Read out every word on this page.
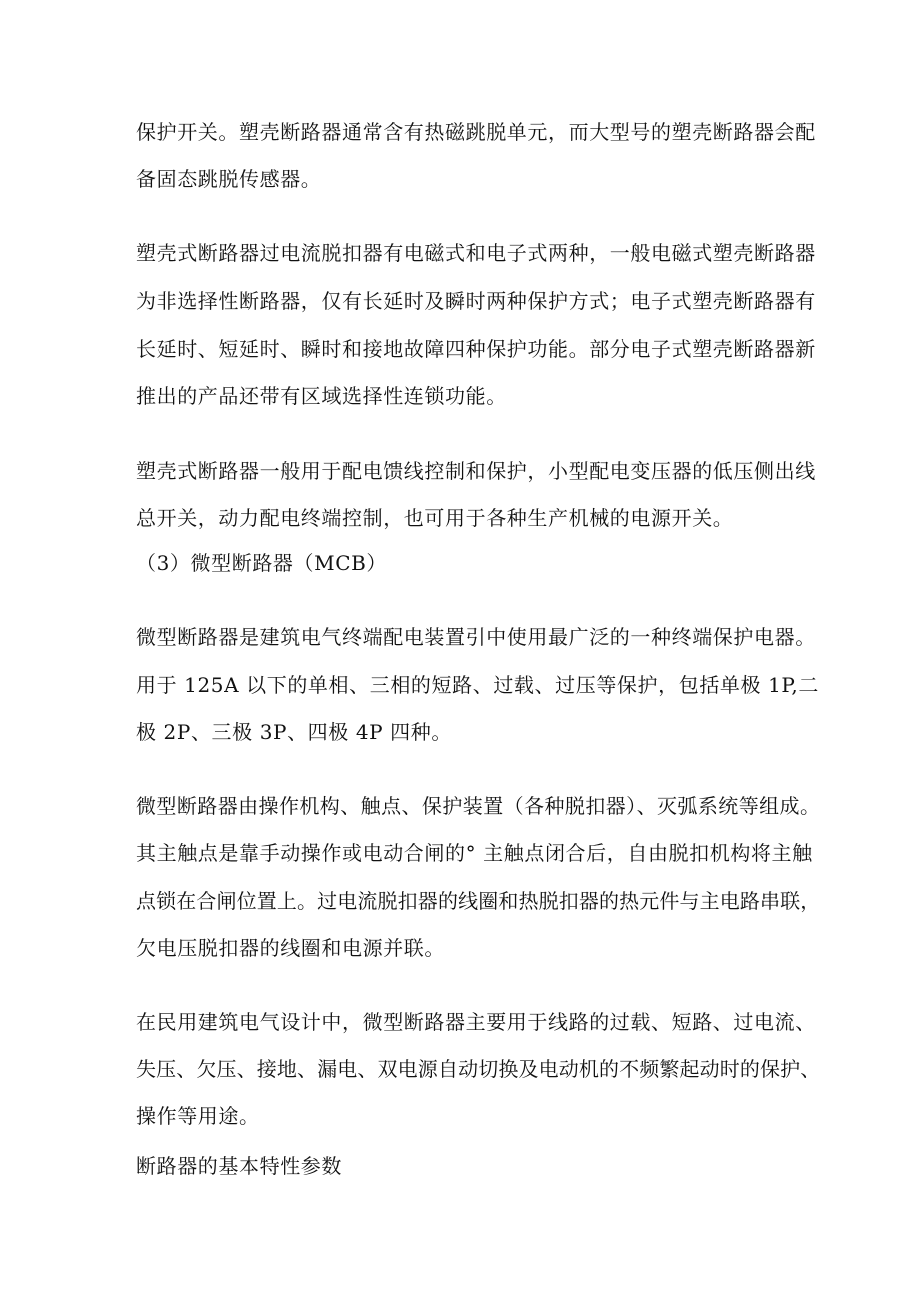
保护开关。塑壳断路器通常含有热磁跳脱单元，而大型号的塑壳断路器会配
备固态跳脱传感器。
塑壳式断路器过电流脱扣器有电磁式和电子式两种，一般电磁式塑壳断路器
为非选择性断路器，仅有长延时及瞬时两种保护方式；电子式塑壳断路器有
长延时、短延时、瞬时和接地故障四种保护功能。部分电子式塑壳断路器新
推出的产品还带有区域选择性连锁功能。
塑壳式断路器一般用于配电馈线控制和保护，小型配电变压器的低压侧出线
总开关，动力配电终端控制，也可用于各种生产机械的电源开关。
（3）微型断路器（MCB）
微型断路器是建筑电气终端配电装置引中使用最广泛的一种终端保护电器。
用于 125A 以下的单相、三相的短路、过载、过压等保护，包括单极 1P,二
极 2P、三极 3P、四极 4P 四种。
微型断路器由操作机构、触点、保护装置（各种脱扣器）、灭弧系统等组成。
其主触点是靠手动操作或电动合闸的° 主触点闭合后，自由脱扣机构将主触
点锁在合闸位置上。过电流脱扣器的线圈和热脱扣器的热元件与主电路串联，
欠电压脱扣器的线圈和电源并联。
在民用建筑电气设计中，微型断路器主要用于线路的过载、短路、过电流、
失压、欠压、接地、漏电、双电源自动切换及电动机的不频繁起动时的保护、
操作等用途。
断路器的基本特性参数
